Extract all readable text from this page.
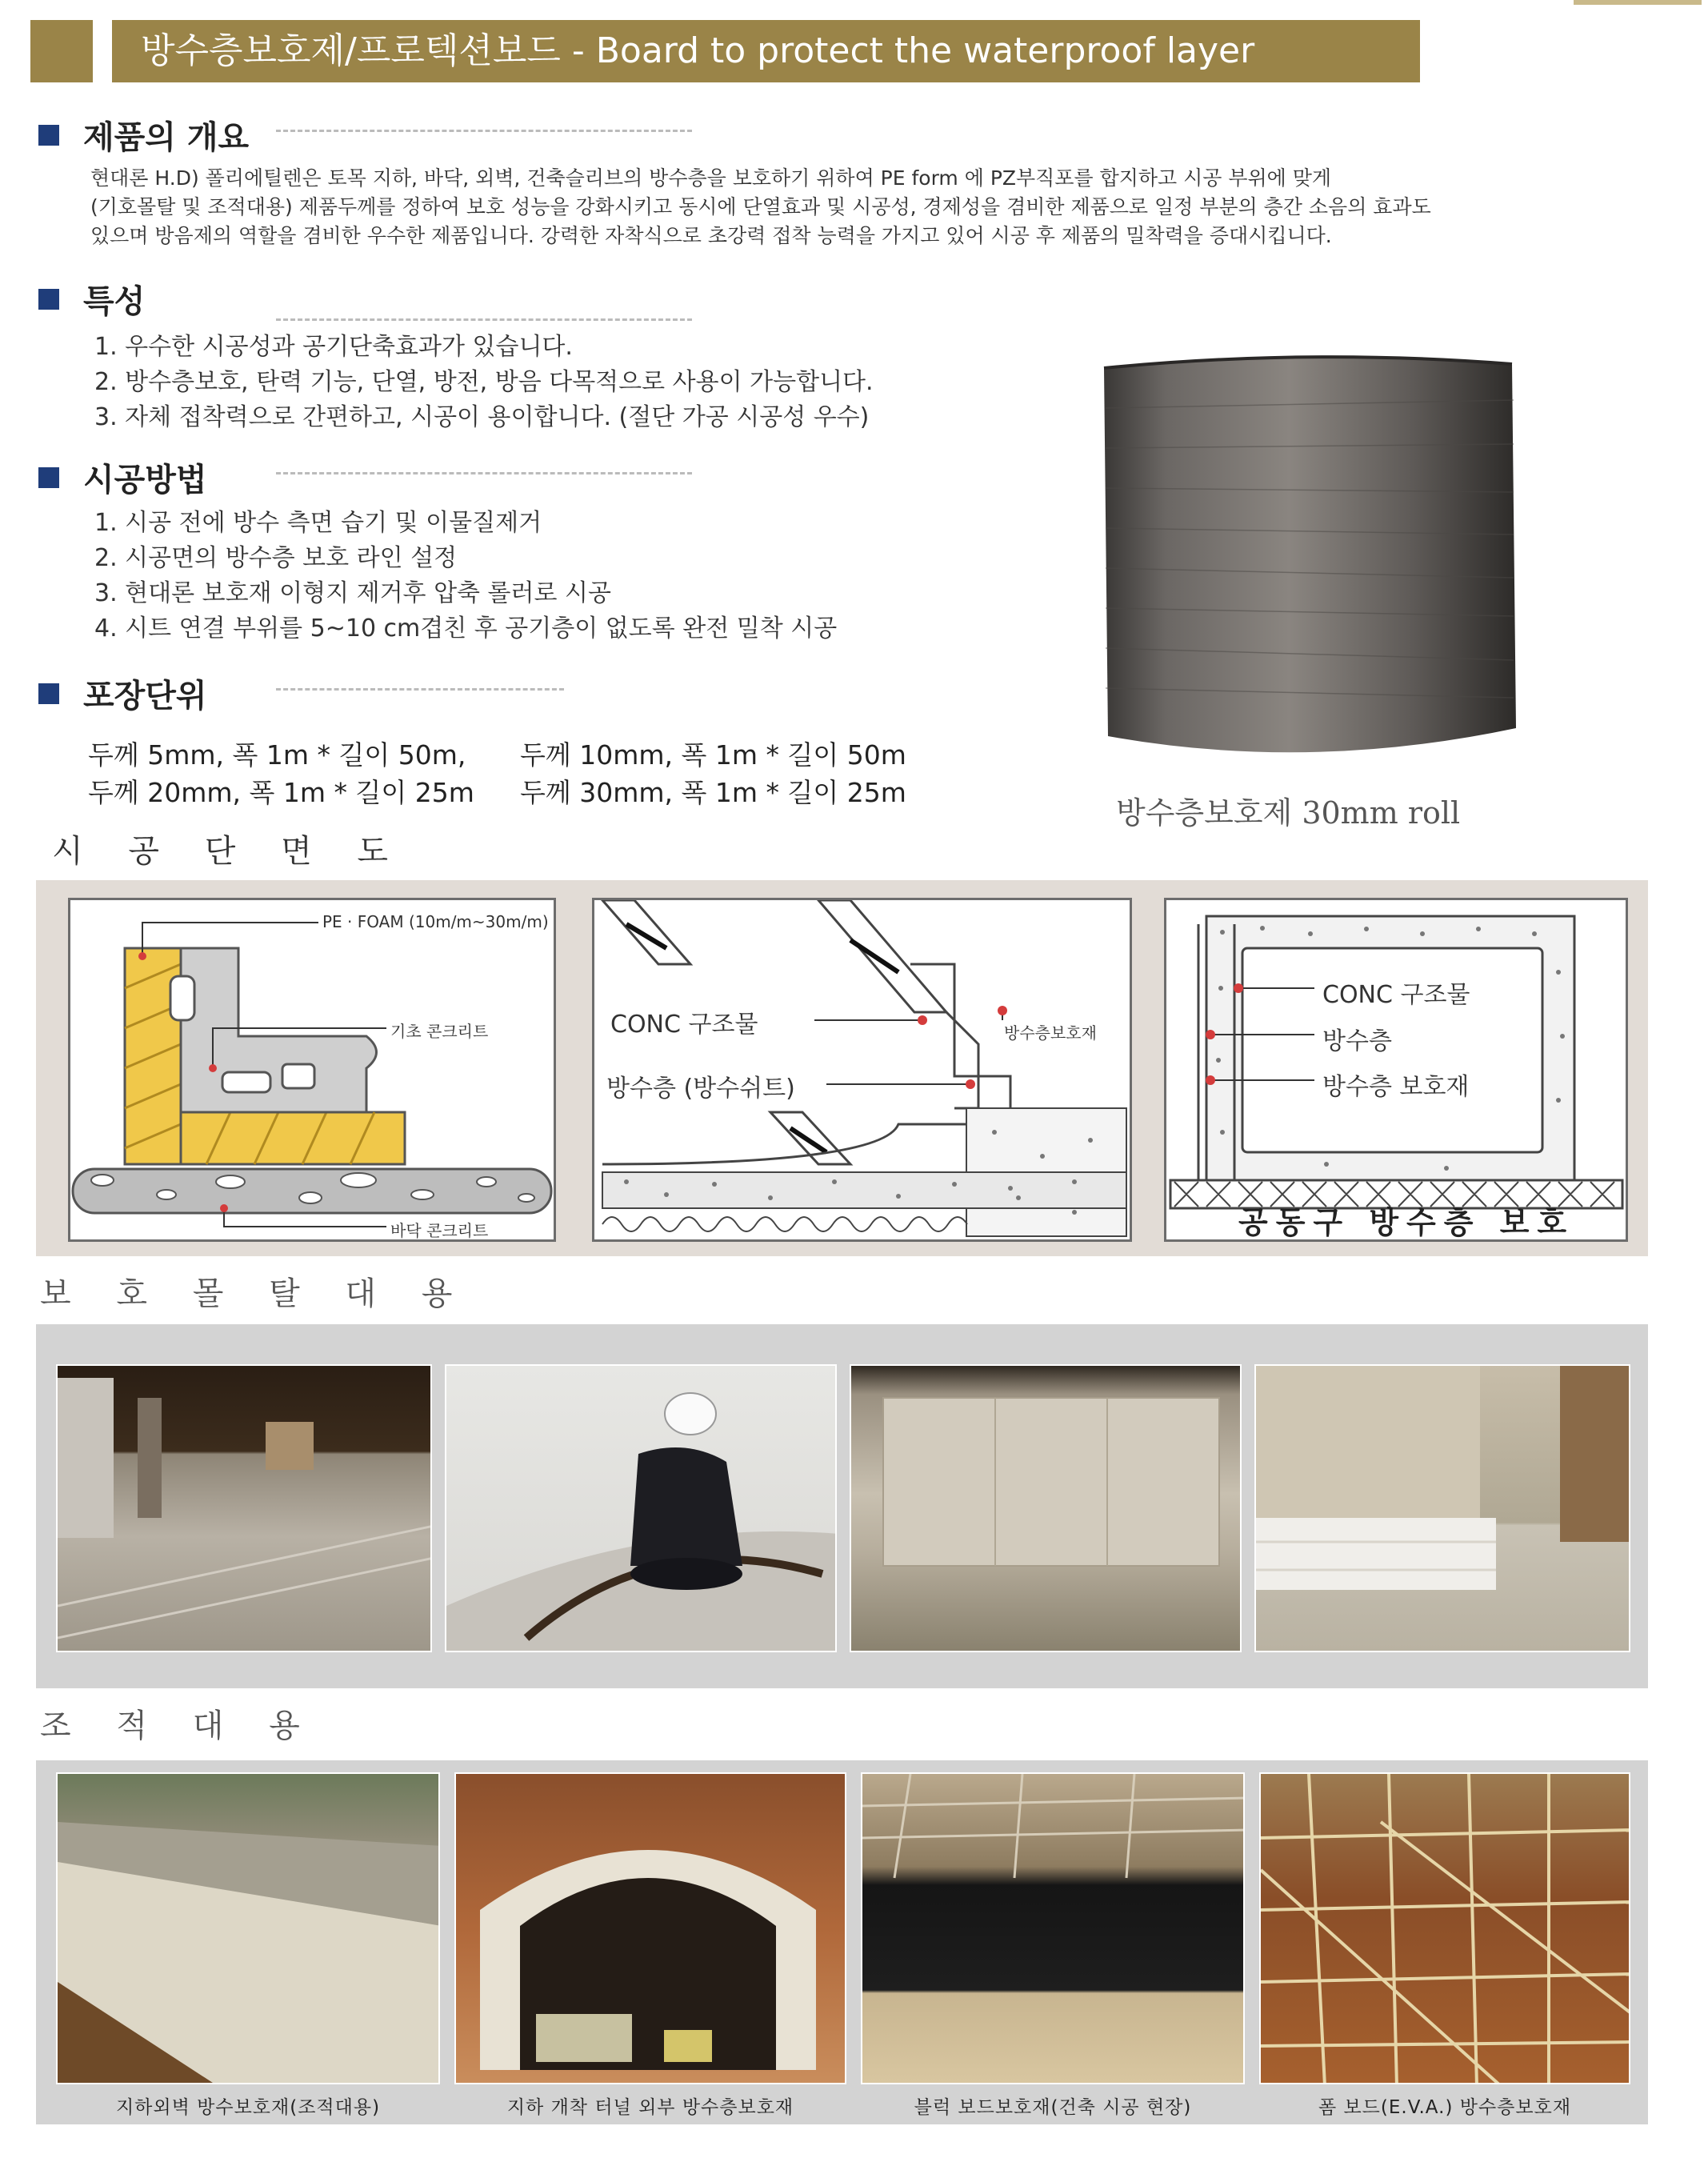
방수층보호제/프로텍션보드 - Board to protect the waterproof layer
제품의 개요
현대론 H.D) 폴리에틸렌은 토목 지하, 바닥, 외벽, 건축슬리브의 방수층을 보호하기 위하여 PE form 에 PZ부직포를 합지하고 시공 부위에 맞게
(기호몰탈 및 조적대용) 제품두께를 정하여 보호 성능을 강화시키고 동시에 단열효과 및 시공성, 경제성을 겸비한 제품으로 일정 부분의 층간 소음의 효과도
있으며 방음제의 역할을 겸비한 우수한 제품입니다. 강력한 자착식으로 초강력 접착 능력을 가지고 있어 시공 후 제품의 밀착력을 증대시킵니다.
특성
1. 우수한 시공성과 공기단축효과가 있습니다.
2. 방수층보호, 탄력 기능, 단열, 방전, 방음 다목적으로 사용이 가능합니다.
3. 자체 접착력으로 간편하고, 시공이 용이합니다. (절단 가공 시공성 우수)
시공방법
1. 시공 전에 방수 측면 습기 및 이물질제거
2. 시공면의 방수층 보호 라인 설정
3. 현대론 보호재 이형지 제거후 압축 롤러로 시공
4. 시트 연결 부위를 5~10 cm겹친 후 공기층이 없도록 완전 밀착 시공
포장단위
두께 5mm, 폭 1m * 길이 50m, 두께 10mm, 폭 1m * 길이 50m
두께 20mm, 폭 1m * 길이 25m 두께 30mm, 폭 1m * 길이 25m
방수층보호제 30mm roll
시 공 단 면 도
PE · FOAM (10m/m~30m/m)
기초 콘크리트
바닥 콘크리트
CONC 구조물
방수층 (방수쉬트)
방수층보호재
CONC 구조물
방수층
방수층 보호재
공동구 방수층 보호
보 호 몰 탈 대 용
조 적 대 용
지하외벽 방수보호재(조적대용)	지하 개착 터널 외부 방수층보호재	블럭 보드보호재(건축 시공 현장)	폼 보드(E.V.A.) 방수층보호재
